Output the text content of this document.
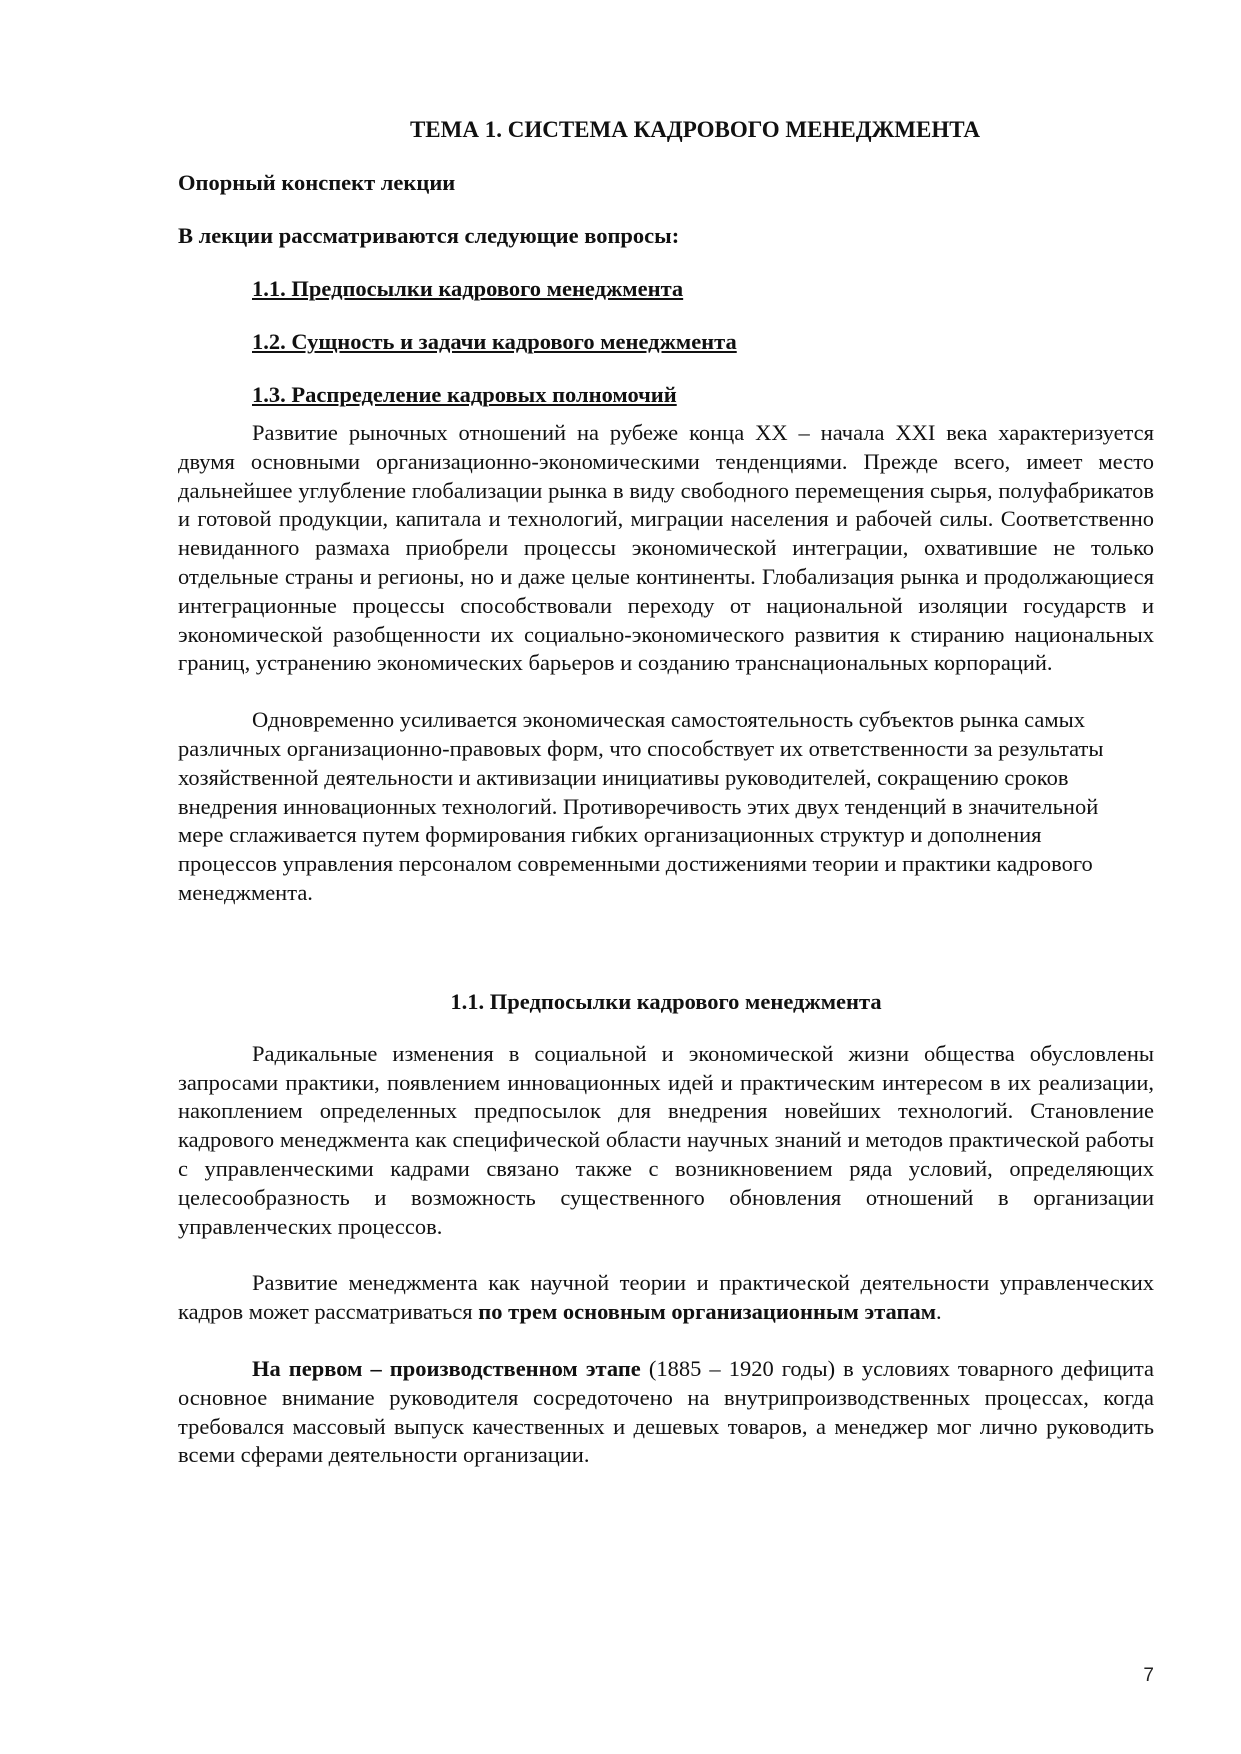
ТЕМА 1. СИСТЕМА КАДРОВОГО МЕНЕДЖМЕНТА
Опорный конспект лекции
В лекции рассматриваются следующие вопросы:
1.1. Предпосылки кадрового менеджмента
1.2. Сущность и задачи кадрового менеджмента
1.3. Распределение кадровых полномочий

Развитие рыночных отношений на рубеже конца XX – начала XXI века характеризуется двумя основными организационно-экономическими тенденциями. Прежде всего, имеет место дальнейшее углубление глобализации рынка в виду свободного перемещения сырья, полуфабрикатов и готовой продукции, капитала и технологий, миграции населения и рабочей силы. Соответственно невиданного размаха приобрели процессы экономической интеграции, охватившие не только отдельные страны и регионы, но и даже целые континенты. Глобализация рынка и продолжающиеся интеграционные процессы способствовали переходу от национальной изоляции государств и экономической разобщенности их социально-экономического развития к стиранию национальных границ, устранению экономических барьеров и созданию транснациональных корпораций.

Одновременно усиливается экономическая самостоятельность субъектов рынка самых различных организационно-правовых форм, что способствует их ответственности за результаты хозяйственной деятельности и активизации инициативы руководителей, сокращению сроков внедрения инновационных технологий. Противоречивость этих двух тенденций в значительной мере сглаживается путем формирования гибких организационных структур и дополнения процессов управления персоналом современными достижениями теории и практики кадрового менеджмента.

1.1. Предпосылки кадрового менеджмента

Радикальные изменения в социальной и экономической жизни общества обусловлены запросами практики, появлением инновационных идей и практическим интересом в их реализации, накоплением определенных предпосылок для внедрения новейших технологий. Становление кадрового менеджмента как специфической области научных знаний и методов практической работы с управленческими кадрами связано также с возникновением ряда условий, определяющих целесообразность и возможность существенного обновления отношений в организации управленческих процессов.

Развитие менеджмента как научной теории и практической деятельности управленческих кадров может рассматриваться по трем основным организационным этапам.

На первом – производственном этапе (1885 – 1920 годы) в условиях товарного дефицита основное внимание руководителя сосредоточено на внутрипроизводственных процессах, когда требовался массовый выпуск качественных и дешевых товаров, а менеджер мог лично руководить всеми сферами деятельности организации.

7
